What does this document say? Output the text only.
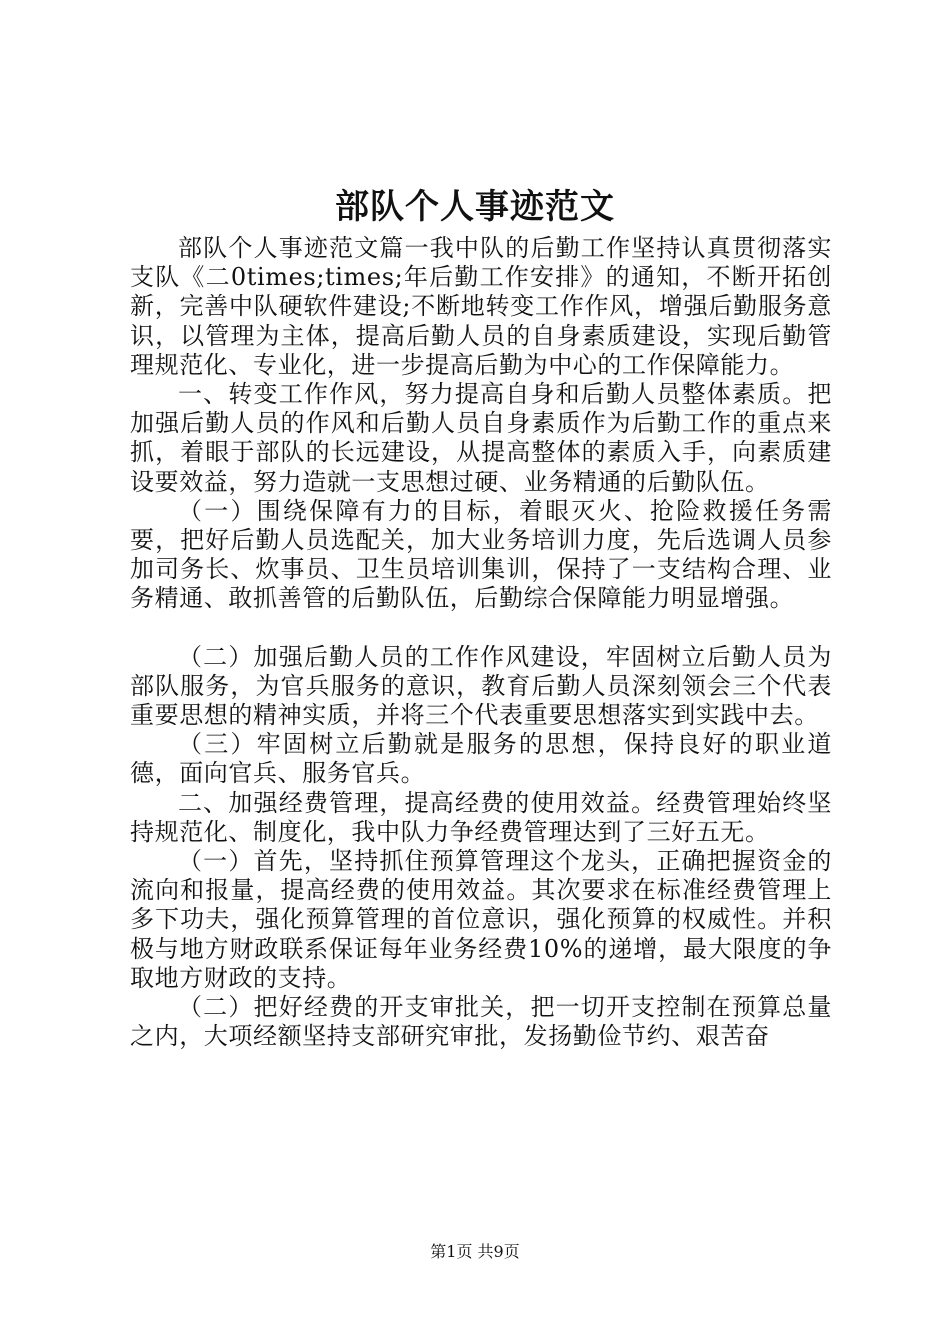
部队个人事迹范文

部队个人事迹范文篇一我中队的后勤工作坚持认真贯彻落实支队《二0times;times;年后勤工作安排》的通知，不断开拓创新，完善中队硬软件建设;不断地转变工作作风，增强后勤服务意识，以管理为主体，提高后勤人员的自身素质建设，实现后勤管理规范化、专业化，进一步提高后勤为中心的工作保障能力。

一、转变工作作风，努力提高自身和后勤人员整体素质。把加强后勤人员的作风和后勤人员自身素质作为后勤工作的重点来抓，着眼于部队的长远建设，从提高整体的素质入手，向素质建设要效益，努力造就一支思想过硬、业务精通的后勤队伍。

（一）围绕保障有力的目标，着眼灭火、抢险救援任务需要，把好后勤人员选配关，加大业务培训力度，先后选调人员参加司务长、炊事员、卫生员培训集训，保持了一支结构合理、业务精通、敢抓善管的后勤队伍，后勤综合保障能力明显增强。

（二）加强后勤人员的工作作风建设，牢固树立后勤人员为部队服务，为官兵服务的意识，教育后勤人员深刻领会三个代表重要思想的精神实质，并将三个代表重要思想落实到实践中去。

（三）牢固树立后勤就是服务的思想，保持良好的职业道德，面向官兵、服务官兵。

二、加强经费管理，提高经费的使用效益。经费管理始终坚持规范化、制度化，我中队力争经费管理达到了三好五无。

（一）首先，坚持抓住预算管理这个龙头，正确把握资金的流向和报量，提高经费的使用效益。其次要求在标准经费管理上多下功夫，强化预算管理的首位意识，强化预算的权威性。并积极与地方财政联系保证每年业务经费10%的递增，最大限度的争取地方财政的支持。

（二）把好经费的开支审批关，把一切开支控制在预算总量之内，大项经额坚持支部研究审批，发扬勤俭节约、艰苦奋

第1页 共9页
